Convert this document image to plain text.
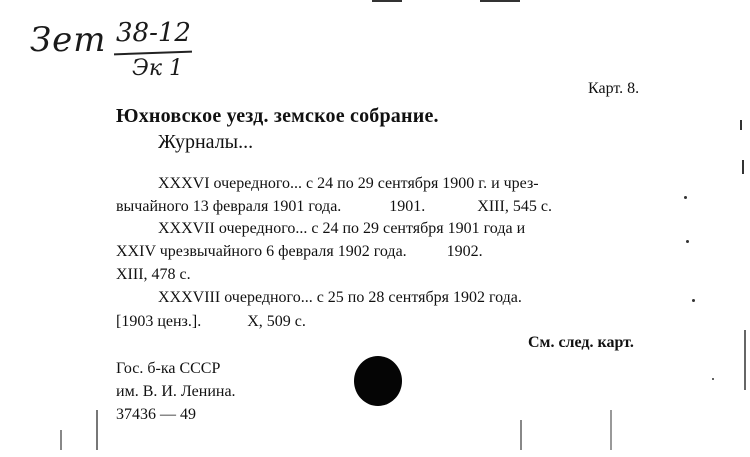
Зет 38-12
Эк 1
Карт. 8.
Юхновское уезд. земское собрание.
Журналы...
XXXVI очередного... с 24 по 29 сентября 1900 г. и чрез-
вычайного 13 февраля 1901 года.	1901.	XIII, 545 с.
XXXVII очередного... с 24 по 29 сентября 1901 года и
XXIV чрезвычайного 6 февраля 1902 года.	1902.
XIII, 478 с.
XXXVIII очередного... с 25 по 28 сентября 1902 года.
[1903 ценз.].	X, 509 с.
См. след. карт.
Гос. б-ка СССР
им. В. И. Ленина.
37436 — 49
